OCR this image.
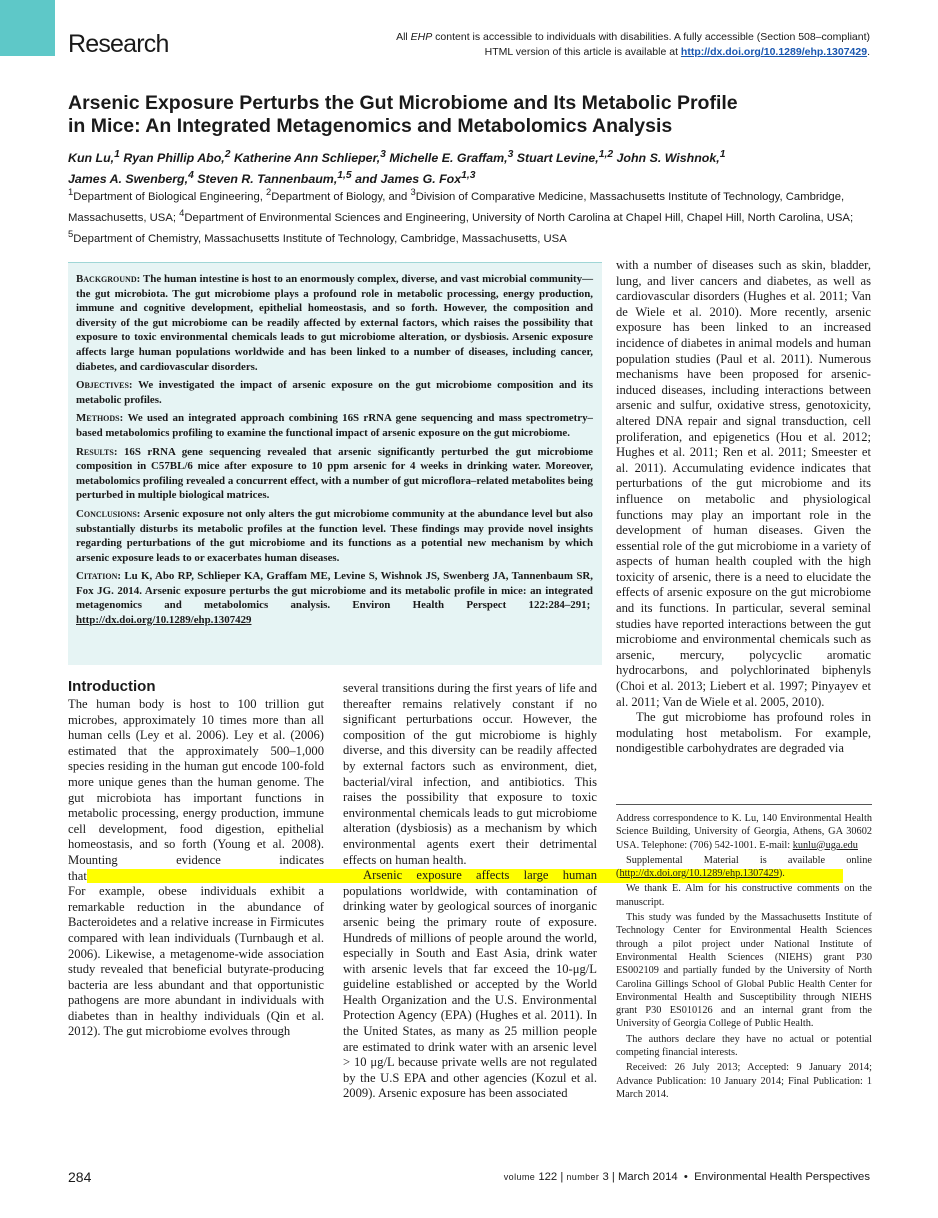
Research	All EHP content is accessible to individuals with disabilities. A fully accessible (Section 508–compliant)
HTML version of this article is available at http://dx.doi.org/10.1289/ehp.1307429.
Arsenic Exposure Perturbs the Gut Microbiome and Its Metabolic Profile
in Mice: An Integrated Metagenomics and Metabolomics Analysis
Kun Lu,$^1$ Ryan Phillip Abo,$^2$ Katherine Ann Schlieper,$^3$ Michelle E. Graffam,$^3$ Stuart Levine,$^{1,2}$ John S. Wishnok,$^1$
James A. Swenberg,$^4$ Steven R. Tannenbaum,$^{1,5}$ and James G. Fox$^{1,3}$
$^1$Department of Biological Engineering, $^2$Department of Biology, and $^3$Division of Comparative Medicine, Massachusetts Institute of Technology, Cambridge, Massachusetts, USA; $^4$Department of Environmental Sciences and Engineering, University of North Carolina at Chapel Hill, Chapel Hill, North Carolina, USA; $^5$Department of Chemistry, Massachusetts Institute of Technology, Cambridge, Massachusetts, USA

Background: The human intestine is host to an enormously complex, diverse, and vast microbial community—the gut microbiota. The gut microbiome plays a profound role in metabolic processing, energy production, immune and cognitive development, epithelial homeostasis, and so forth. However, the composition and diversity of the gut microbiome can be readily affected by external factors, which raises the possibility that exposure to toxic environmental chemicals leads to gut microbiome alteration, or dysbiosis. Arsenic exposure affects large human populations worldwide and has been linked to a number of diseases, including cancer, diabetes, and cardiovascular disorders.

Objectives: We investigated the impact of arsenic exposure on the gut microbiome composition and its metabolic profiles.

Methods: We used an integrated approach combining 16S rRNA gene sequencing and mass spectrometry–based metabolomics profiling to examine the functional impact of arsenic exposure on the gut microbiome.

Results: 16S rRNA gene sequencing revealed that arsenic significantly perturbed the gut microbiome composition in C57BL/6 mice after exposure to 10 ppm arsenic for 4 weeks in drinking water. Moreover, metabolomics profiling revealed a concurrent effect, with a number of gut microflora–related metabolites being perturbed in multiple biological matrices.

Conclusions: Arsenic exposure not only alters the gut microbiome community at the abundance level but also substantially disturbs its metabolic profiles at the function level. These findings may provide novel insights regarding perturbations of the gut microbiome and its functions as a potential new mechanism by which arsenic exposure leads to or exacerbates human diseases.

Citation: Lu K, Abo RP, Schlieper KA, Graffam ME, Levine S, Wishnok JS, Swenberg JA, Tannenbaum SR, Fox JG. 2014. Arsenic exposure perturbs the gut microbiome and its metabolic profile in mice: an integrated metagenomics and metabolomics analysis. Environ Health Perspect 122:284–291;  http://dx.doi.org/10.1289/ehp.1307429

Introduction

The human body is host to 100 trillion gut microbes, approximately 10 times more than all human cells (Ley et al. 2006). Ley et al. (2006) estimated that the approximately 500–1,000 species residing in the human gut encode 100-fold more unique genes than the human genome. The gut microbiota has important functions in metabolic processing, energy production, immune cell development, food digestion, epithelial homeostasis, and so forth (Young et al. 2008). Mounting evidence indicates that                                                                                                                                                                                                                                                 For example, obese individuals exhibit a remarkable reduction in the abundance of Bacteroidetes and a relative increase in Firmicutes compared with lean individuals (Turnbaugh et al. 2006). Likewise, a metagenome-wide association study revealed that beneficial butyrate-producing bacteria are less abundant and that opportunistic pathogens are more abundant in individuals with diabetes than in healthy individuals (Qin et al. 2012). The gut microbiome evolves through

several transitions during the first years of life and thereafter remains relatively constant if no significant perturbations occur. However, the composition of the gut microbiome is highly diverse, and this diversity can be readily affected by external factors such as environment, diet, bacterial/viral infection, and antibiotics. This raises the possibility that exposure to toxic environmental chemicals leads to gut microbiome alteration (dysbiosis) as a mechanism by which environmental agents exert their detrimental effects on human health.

Arsenic exposure affects large human populations worldwide, with contamination of drinking water by geological sources of inorganic arsenic being the primary route of exposure. Hundreds of millions of people around the world, especially in South and East Asia, drink water with arsenic levels that far exceed the 10-μg/L guideline established or accepted by the World Health Organization and the U.S. Environmental Protection Agency (EPA) (Hughes et al. 2011). In the United States, as many as 25 million people are estimated to drink water with an arsenic level > 10 μg/L because private wells are not regulated by the U.S EPA and other agencies (Kozul et al. 2009). Arsenic exposure has been associated

with a number of diseases such as skin, bladder, lung, and liver cancers and diabetes, as well as cardiovascular disorders (Hughes et al. 2011; Van de Wiele et al. 2010). More recently, arsenic exposure has been linked to an increased incidence of diabetes in animal models and human population studies (Paul et al. 2011). Numerous mechanisms have been proposed for arsenic-induced diseases, including interactions between arsenic and sulfur, oxidative stress, genotoxicity, altered DNA repair and signal transduction, cell proliferation, and epigenetics (Hou et al. 2012; Hughes et al. 2011; Ren et al. 2011; Smeester et al. 2011). Accumulating evidence indicates that perturbations of the gut microbiome and its influence on metabolic and physiological functions may play an important role in the development of human diseases. Given the essential role of the gut microbiome in a variety of aspects of human health coupled with the high toxicity of arsenic, there is a need to elucidate the effects of arsenic exposure on the gut microbiome and its functions. In particular, several seminal studies have reported interactions between the gut microbiome and environmental chemicals such as arsenic, mercury, polycyclic aromatic hydrocarbons, and polychlorinated biphenyls (Choi et al. 2013; Liebert et al. 1997; Pinyayev et al. 2011; Van de Wiele et al. 2005, 2010).

The gut microbiome has profound roles in modulating host metabolism. For example, nondigestible carbohydrates are degraded via

Address correspondence to K. Lu, 140 Environmental Health Science Building, University of Georgia, Athens, GA 30602 USA. Telephone: (706) 542-1001. E-mail: kunlu@uga.edu

Supplemental Material is available online (http://dx.doi.org/10.1289/ehp.1307429).

We thank E. Alm for his constructive comments on the manuscript.

This study was funded by the Massachusetts Institute of Technology Center for Environmental Health Sciences through a pilot project under National Institute of Environmental Health Sciences (NIEHS) grant P30 ES002109 and partially funded by the University of North Carolina Gillings School of Global Public Health Center for Environmental Health and Susceptibility through NIEHS grant P30 ES010126 and an internal grant from the University of Georgia College of Public Health.

The authors declare they have no actual or potential competing financial interests.

Received: 26 July 2013; Accepted: 9 January 2014; Advance Publication: 10 January 2014; Final Publication: 1 March 2014.

284	volume 122 | number 3 | March 2014 • Environmental Health Perspectives
